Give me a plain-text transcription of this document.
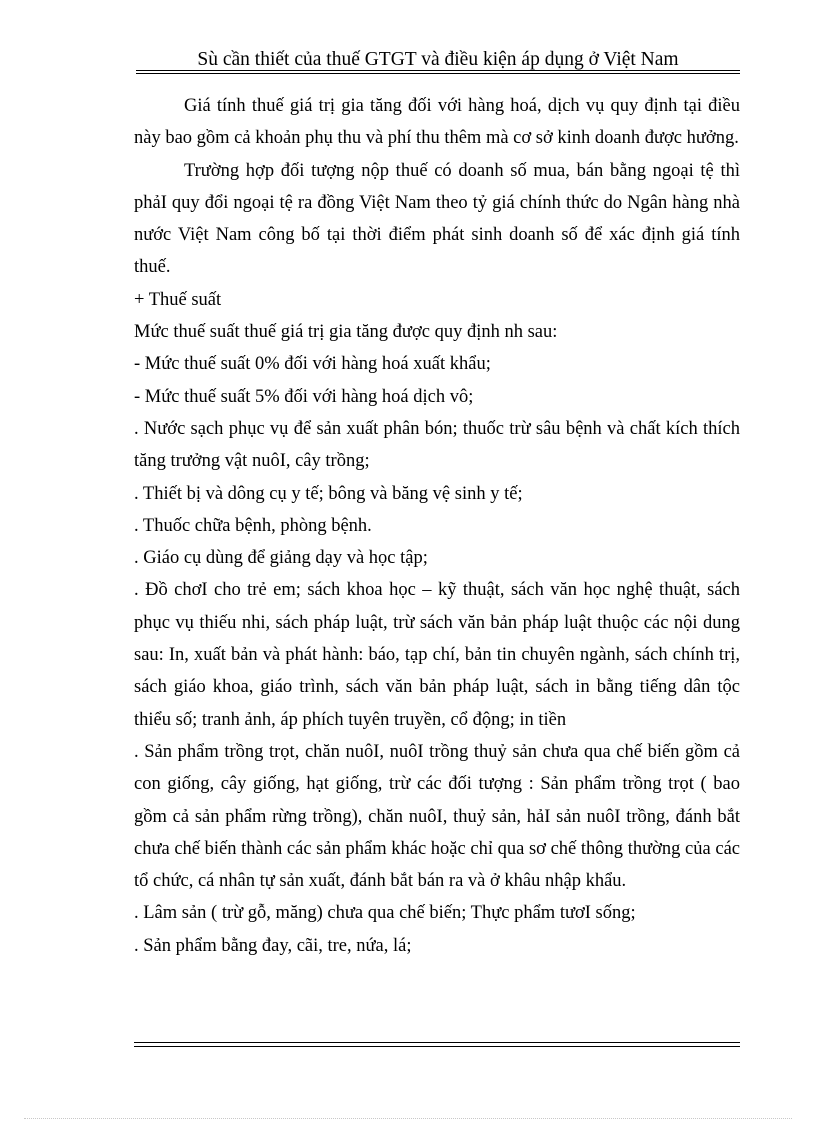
Sù cần thiết của thuế GTGT và điều kiện áp dụng ở Việt Nam

Giá tính thuế giá trị gia tăng đối với hàng hoá, dịch vụ quy định tại điều này bao gồm cả khoản phụ thu và phí thu thêm mà cơ sở kinh doanh được hưởng.

Trường hợp đối tượng nộp thuế có doanh số mua, bán bằng ngoại tệ thì phảI quy đổi ngoại tệ ra đồng Việt Nam theo tỷ giá chính thức do Ngân hàng nhà nước Việt Nam công bố tại thời điểm phát sinh doanh số để xác định giá tính thuế.

+ Thuế suất

Mức thuế suất thuế giá trị gia tăng được quy định nh sau:

- Mức thuế suất 0% đối với hàng hoá xuất khẩu;

- Mức thuế suất 5% đối với hàng hoá dịch vô;

. Nước sạch phục vụ để sản xuất phân bón; thuốc trừ sâu bệnh và chất kích thích tăng trưởng vật nuôI, cây trồng;

. Thiết bị và dông cụ y tế; bông và băng vệ sinh y tế;

. Thuốc chữa bệnh, phòng bệnh.

. Giáo cụ dùng để giảng dạy và học tập;

. Đồ chơI cho trẻ em; sách khoa học – kỹ thuật, sách văn học nghệ thuật, sách phục vụ thiếu nhi, sách pháp luật, trừ sách văn bản pháp luật thuộc các nội dung sau: In, xuất bản và phát hành: báo, tạp chí, bản tin chuyên ngành, sách chính trị, sách giáo khoa, giáo trình, sách văn bản pháp luật, sách in bằng tiếng dân tộc thiểu số; tranh ảnh, áp phích tuyên truyền, cổ động; in tiền

. Sản phẩm trồng trọt, chăn nuôI, nuôI trồng thuỷ sản chưa qua chế biến gồm cả con giống, cây giống, hạt giống, trừ các đối tượng : Sản phẩm trồng trọt ( bao gồm cả sản phẩm rừng trồng), chăn nuôI, thuỷ sản, hảI sản nuôI trồng, đánh bắt chưa chế biến thành các sản phẩm khác hoặc chỉ qua sơ chế thông thường của các tổ chức, cá nhân tự sản xuất, đánh bắt bán ra và ở khâu nhập khẩu.

. Lâm sản ( trừ gỗ, măng) chưa qua chế biến; Thực phẩm tươI sống;

. Sản phẩm bằng đay, cãi, tre, nứa, lá;
